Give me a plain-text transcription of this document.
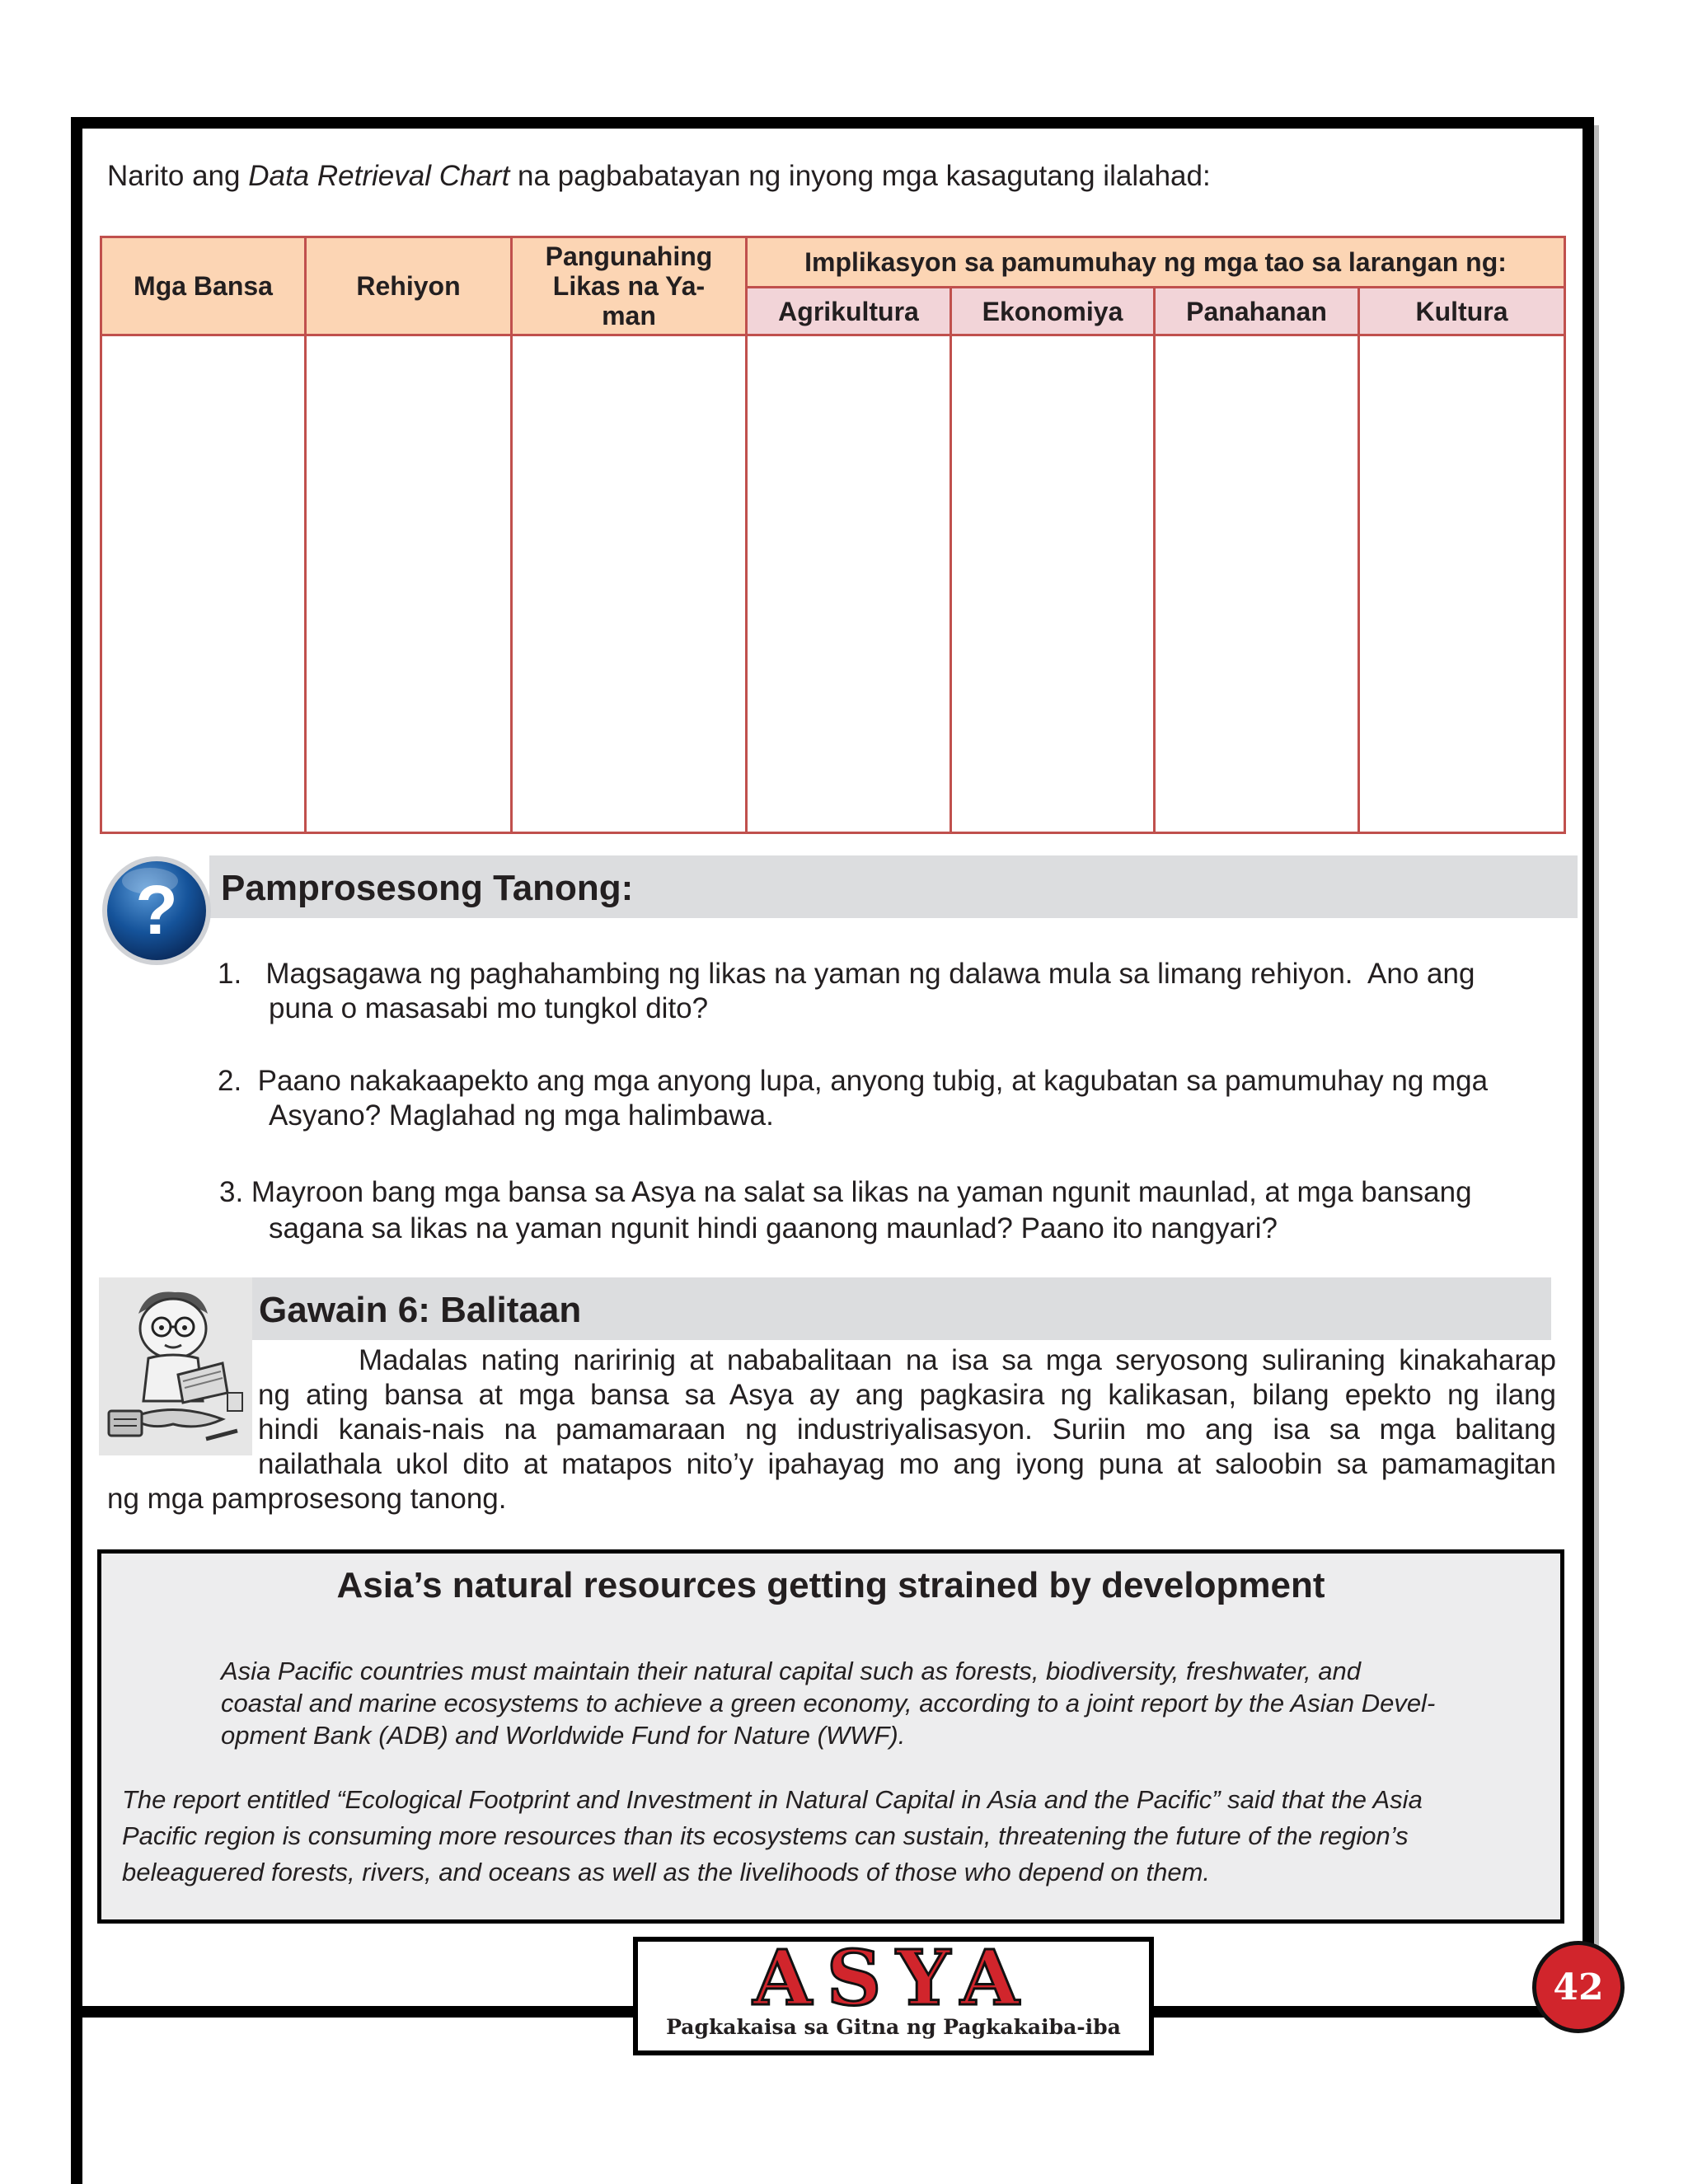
Narito ang Data Retrieval Chart na pagbabatayan ng inyong mga kasagutang ilalahad:
Mga Bansa	Rehiyon	Pangunahing
Likas na Ya-
man	Implikasyon sa pamumuhay ng mga tao sa larangan ng:			
			Agrikultura	Ekonomiya	Panahanan	Kultura

Pamprosesong Tanong:
?
1.   Magsagawa ng paghahambing ng likas na yaman ng dalawa mula sa limang rehiyon.  Ano ang
puna o masasabi mo tungkol dito?
2.  Paano nakakaapekto ang mga anyong lupa, anyong tubig, at kagubatan sa pamumuhay ng mga
Asyano? Maglahad ng mga halimbawa.
3. Mayroon bang mga bansa sa Asya na salat sa likas na yaman ngunit maunlad, at mga bansang
sagana sa likas na yaman ngunit hindi gaanong maunlad? Paano ito nangyari?
Gawain 6: Balitaan
Madalas nating naririnig at nababalitaan na isa sa mga seryosong suliraning kinakaharap
ng ating bansa at mga bansa sa Asya ay ang pagkasira ng kalikasan, bilang epekto ng ilang
hindi kanais-nais na pamamaraan ng industriyalisasyon. Suriin mo ang isa sa mga balitang
nailathala ukol dito at matapos nito’y ipahayag mo ang iyong puna at saloobin sa pamamagitan
ng mga pamprosesong tanong.
Asia’s natural resources getting strained by development
Asia Pacific countries must maintain their natural capital such as forests, biodiversity, freshwater, and
coastal and marine ecosystems to achieve a green economy, according to a joint report by the Asian Devel-
opment Bank (ADB) and Worldwide Fund for Nature (WWF).
The report entitled “Ecological Footprint and Investment in Natural Capital in Asia and the Pacific” said that the Asia
Pacific region is consuming more resources than its ecosystems can sustain, threatening the future of the region’s
beleaguered forests, rivers, and oceans as well as the livelihoods of those who depend on them.
ASYA
Pagkakaisa sa Gitna ng Pagkakaiba-iba
42
